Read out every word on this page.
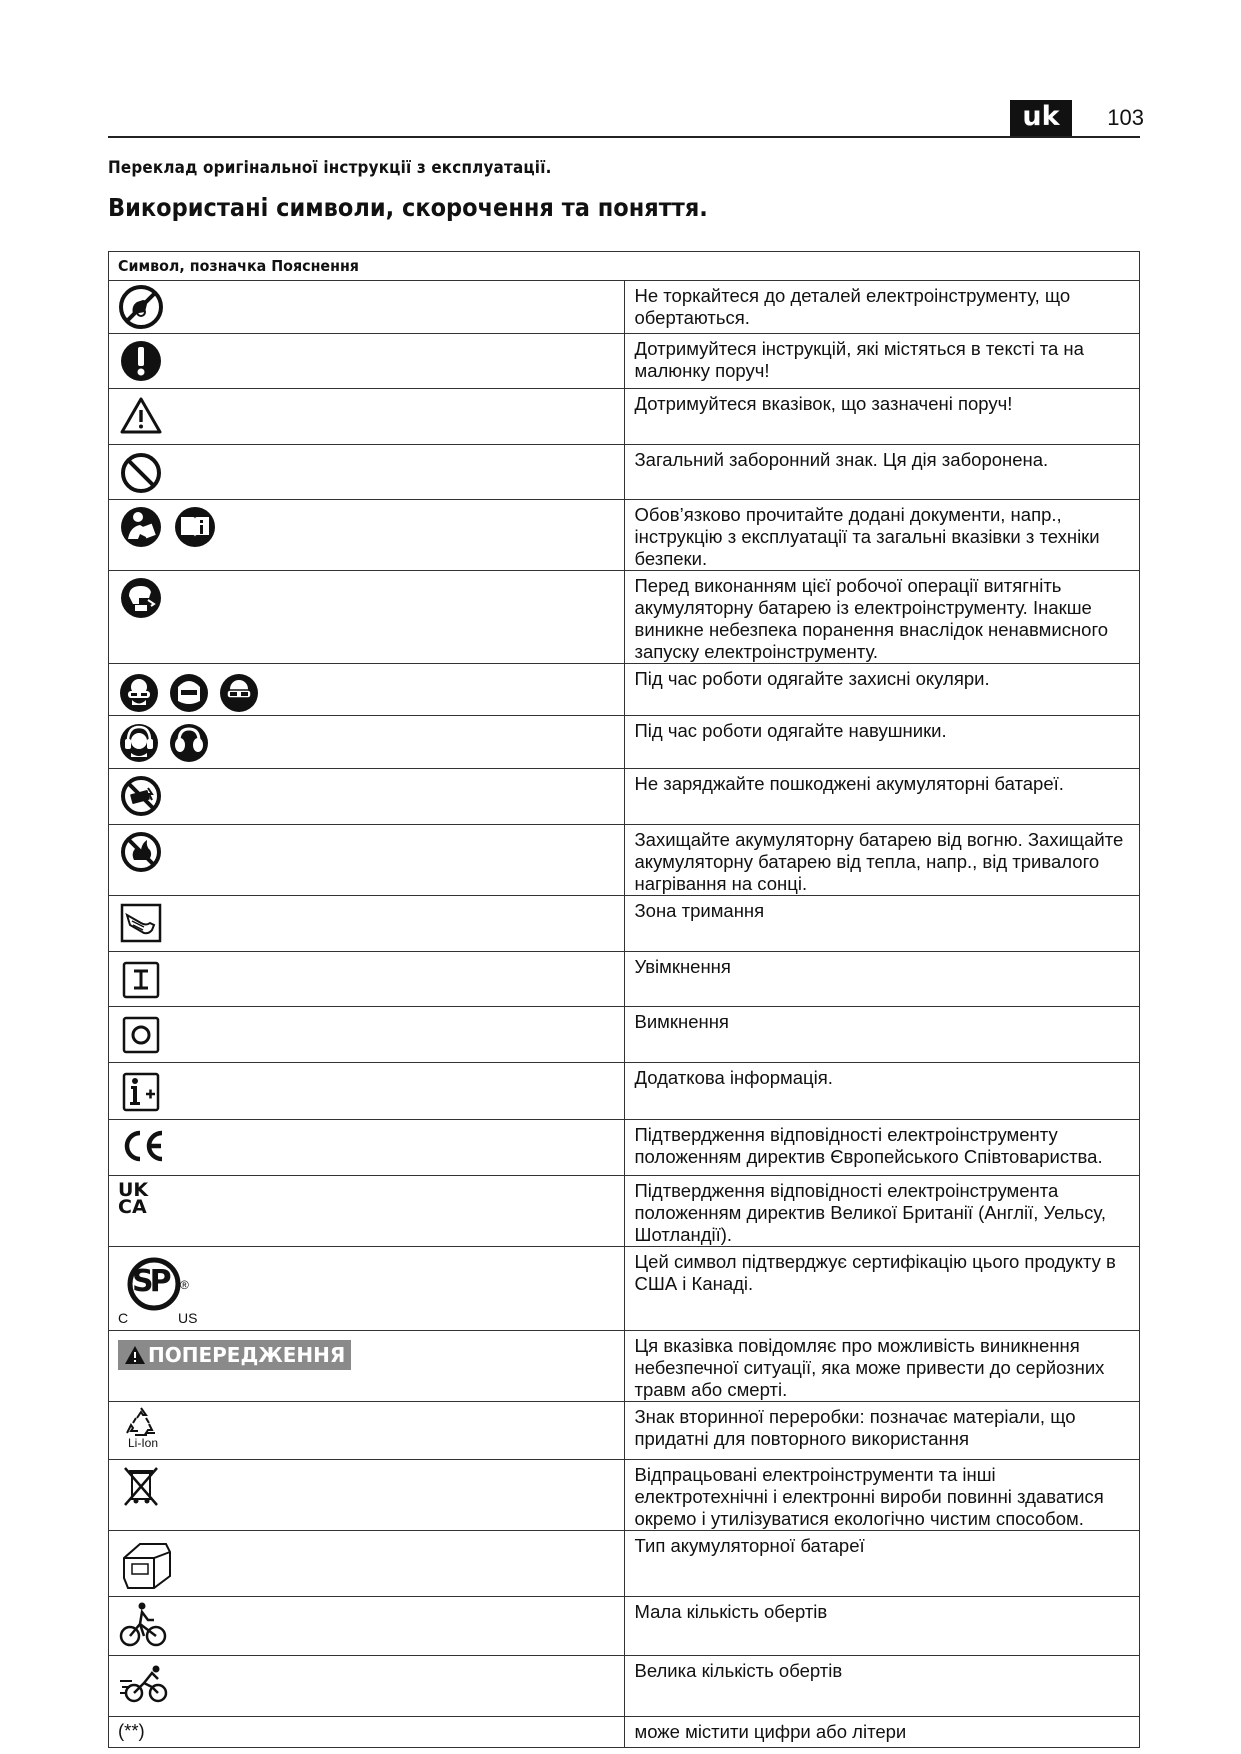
uk	103
Переклад оригінальної інструкції з експлуатації.
Використані символи, скорочення та поняття.
Символ, позначка Пояснення	
	Не торкайтеся до деталей електроінструменту, що обертаються.
	Дотримуйтеся інструкцій, які містяться в тексті та на малюнку поруч!
	Дотримуйтеся вказівок, що зазначені поруч!
	Загальний заборонний знак. Ця дія заборонена.
	Обов’язково прочитайте додані документи, напр., інструкцію з експлуатації та загальні вказівки з техніки безпеки.
	Перед виконанням цієї робочої операції витягніть акумуляторну батарею із електроінструменту. Інакше виникне небезпека поранення внаслідок ненавмисного запуску електроінструменту.
	Під час роботи одягайте захисні окуляри.
	Під час роботи одягайте навушники.
	Не заряджайте пошкоджені акумуляторні батареї.
	Захищайте акумуляторну батарею від вогню. Захищайте акумуляторну батарею від тепла, напр., від тривалого нагрівання на сонці.
	Зона тримання
	Увімкнення
	Вимкнення
	Додаткова інформація.
	Підтвердження відповідності електроінструменту положенням директив Європейського Співтовариства.

UK
CA	Підтвердження відповідності електроінструмента положенням директив Великої Британії (Англії, Уельсу, Шотландії).

SP ®
C US	Цей символ підтверджує сертифікацію цього продукту в США і Канаді.

ПОПЕРЕДЖЕННЯ	Ця вказівка повідомляє про можливість виникнення небезпечної ситуації, яка може привести до серйозних травм або смерті.

Li-Ion	Знак вторинної переробки: позначає матеріали, що придатні для повторного використання
	Відпрацьовані електроінструменти та інші електротехнічні і електронні вироби повинні здаватися окремо і утилізуватися екологічно чистим способом.
	Тип акумуляторної батареї
	Мала кількість обертів
	Велика кількість обертів
(**)	може містити цифри або літери
